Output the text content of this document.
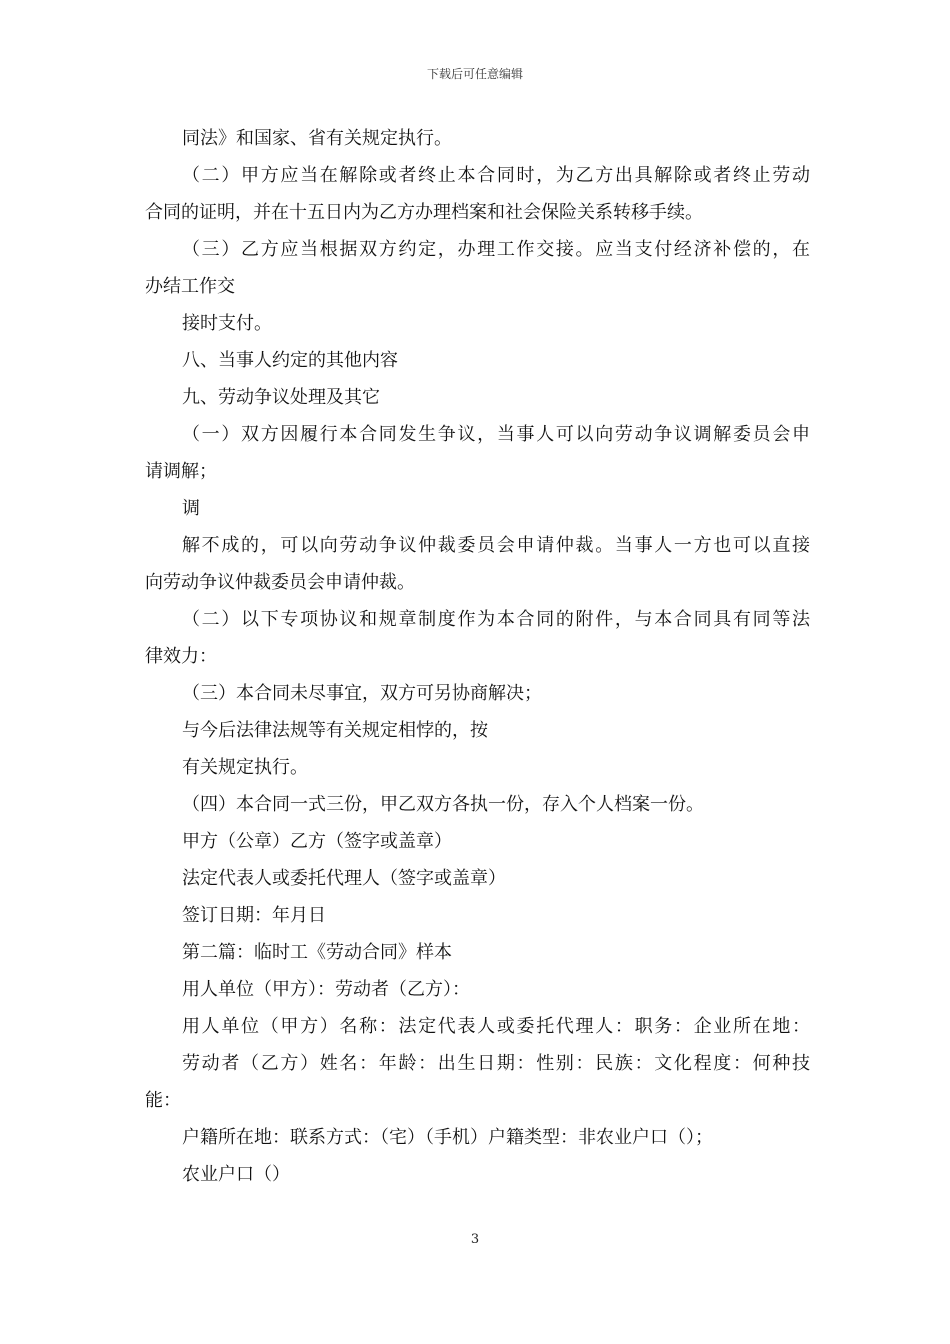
下载后可任意编辑
同法》和国家、省有关规定执行。
（二）甲方应当在解除或者终止本合同时，为乙方出具解除或者终止劳动
合同的证明，并在十五日内为乙方办理档案和社会保险关系转移手续。
（三）乙方应当根据双方约定，办理工作交接。应当支付经济补偿的，在
办结工作交
接时支付。
八、当事人约定的其他内容
九、劳动争议处理及其它
（一）双方因履行本合同发生争议，当事人可以向劳动争议调解委员会申
请调解；
调
解不成的，可以向劳动争议仲裁委员会申请仲裁。当事人一方也可以直接
向劳动争议仲裁委员会申请仲裁。
（二）以下专项协议和规章制度作为本合同的附件，与本合同具有同等法
律效力：
（三）本合同未尽事宜，双方可另协商解决；
与今后法律法规等有关规定相悖的，按
有关规定执行。
（四）本合同一式三份，甲乙双方各执一份，存入个人档案一份。
甲方（公章）乙方（签字或盖章）
法定代表人或委托代理人（签字或盖章）
签订日期：年月日
第二篇：临时工《劳动合同》样本
用人单位（甲方）：劳动者（乙方）：
用人单位（甲方）名称：法定代表人或委托代理人：职务：企业所在地：
劳动者（乙方）姓名：年龄：出生日期：性别：民族：文化程度：何种技
能：
户籍所在地：联系方式：（宅）（手机）户籍类型：非农业户口（）；
农业户口（）
3
